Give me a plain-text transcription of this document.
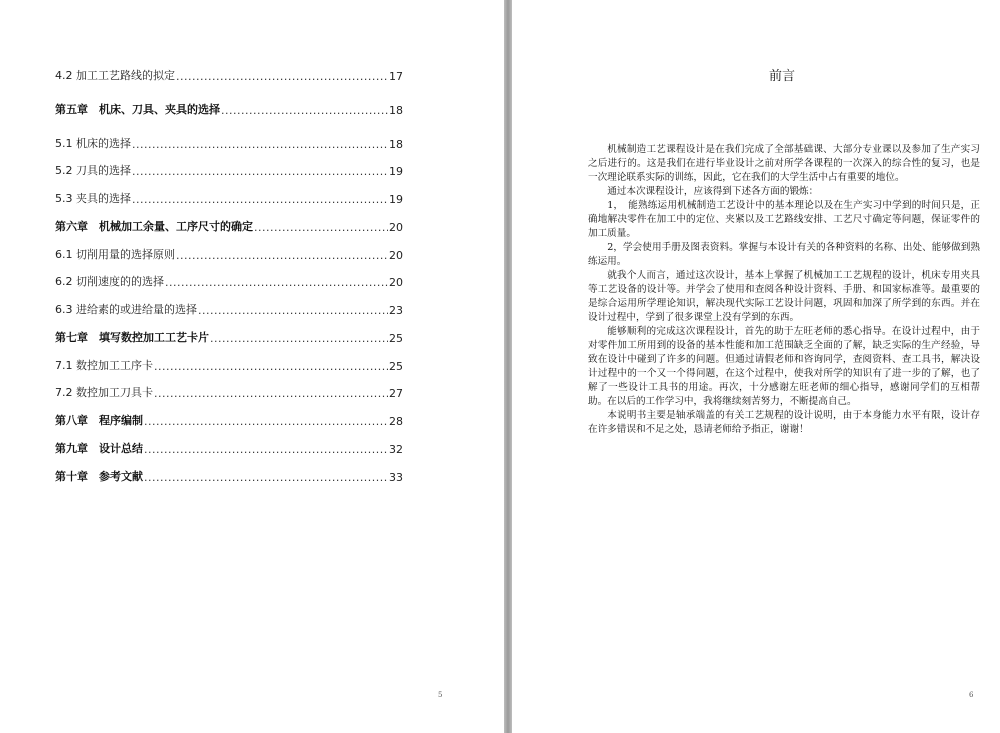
4.2 加工工艺路线的拟定 .....	17
第五章　机床、刀具、夹具的选择 .....	18
5.1 机床的选择 .....	18
5.2 刀具的选择 .....	19
5.3 夹具的选择 .....	19
第六章　机械加工余量、工序尺寸的确定 .....	20
6.1 切削用量的选择原则 .....	20
6.2 切削速度的的选择 .....	20
6.3 进给素的或进给量的选择 .....	23
第七章　填写数控加工工艺卡片 .....	25
7.1 数控加工工序卡 .....	25
7.2 数控加工刀具卡 .....	27
第八章　程序编制 .....	28
第九章　设计总结 .....	32
第十章　参考文献 .....	33
5
前言

机械制造工艺课程设计是在我们完成了全部基础课、大部分专业课以及参加了生产实习之后进行的。这是我们在进行毕业设计之前对所学各课程的一次深入的综合性的复习，也是一次理论联系实际的训练，因此，它在我们的大学生活中占有重要的地位。

通过本次课程设计，应该得到下述各方面的锻炼：

1，　能熟练运用机械制造工艺设计中的基本理论以及在生产实习中学到的时间只是，正确地解决零件在加工中的定位、夹紧以及工艺路线安排、工艺尺寸确定等问题，保证零件的加工质量。

2，学会使用手册及图表资料。掌握与本设计有关的各种资料的名称、出处、能够做到熟练运用。

就我个人而言，通过这次设计，基本上掌握了机械加工工艺规程的设计，机床专用夹具等工艺设备的设计等。并学会了使用和查阅各种设计资料、手册、和国家标准等。最重要的是综合运用所学理论知识，解决现代实际工艺设计问题，巩固和加深了所学到的东西。并在设计过程中，学到了很多课堂上没有学到的东西。

能够顺利的完成这次课程设计，首先的助于左旺老师的悉心指导。在设计过程中，由于对零件加工所用到的设备的基本性能和加工范围缺乏全面的了解，缺乏实际的生产经验，导致在设计中碰到了许多的问题。但通过请假老师和咨询同学，查阅资料、查工具书，解决设计过程中的一个又一个得问题，在这个过程中，使我对所学的知识有了进一步的了解，也了解了一些设计工具书的用途。再次，十分感谢左旺老师的细心指导，感谢同学们的互相帮助。在以后的工作学习中，我将继续刻苦努力，不断提高自己。

本说明书主要是轴承端盖的有关工艺规程的设计说明，由于本身能力水平有限，设计存在许多错误和不足之处，恳请老师给予指正，谢谢！

6
